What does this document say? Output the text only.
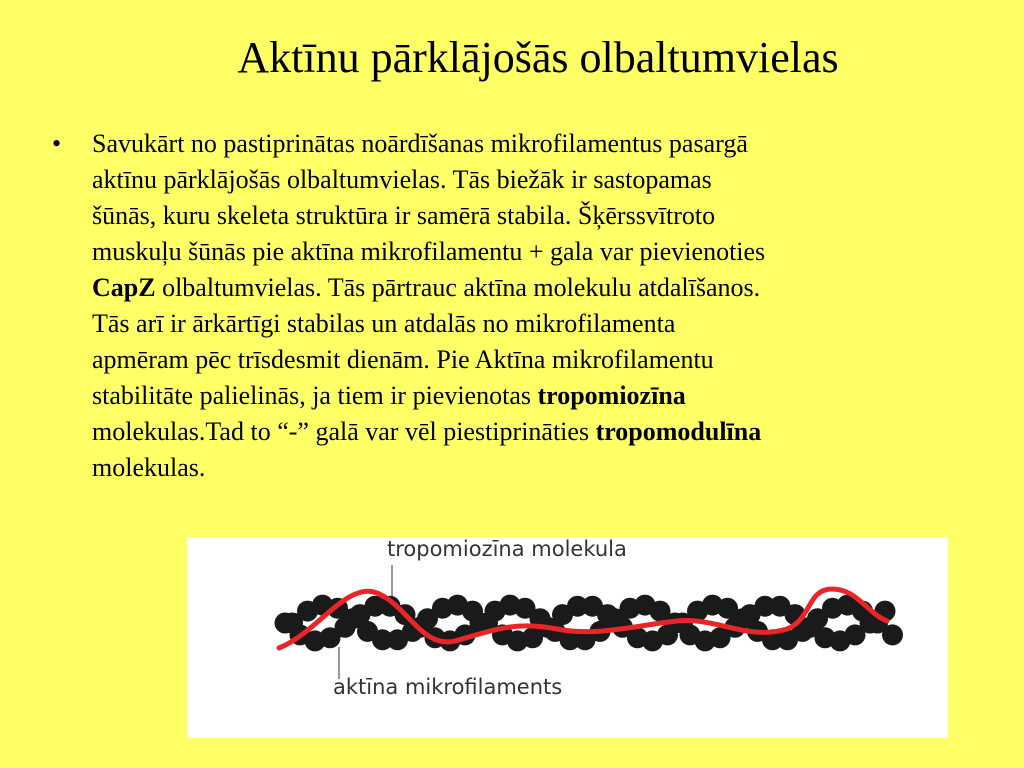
Aktīnu pārklājošās olbaltumvielas
•	Savukārt no pastiprinātas noārdīšanas mikrofilamentus pasargā
aktīnu pārklājošās olbaltumvielas. Tās biežāk ir sastopamas
šūnās, kuru skeleta struktūra ir samērā stabila. Šķērssvītroto
muskuļu šūnās pie aktīna mikrofilamentu + gala var pievienoties
CapZ olbaltumvielas. Tās pārtrauc aktīna molekulu atdalīšanos.
Tās arī ir ārkārtīgi stabilas un atdalās no mikrofilamenta
apmēram pēc trīsdesmit dienām. Pie Aktīna mikrofilamentu
stabilitāte palielinās, ja tiem ir pievienotas tropomiozīna
molekulas.Tad to “-” galā var vēl piestiprināties tropomodulīna
molekulas.
tropomiozīna molekula
aktīna mikrofilaments
